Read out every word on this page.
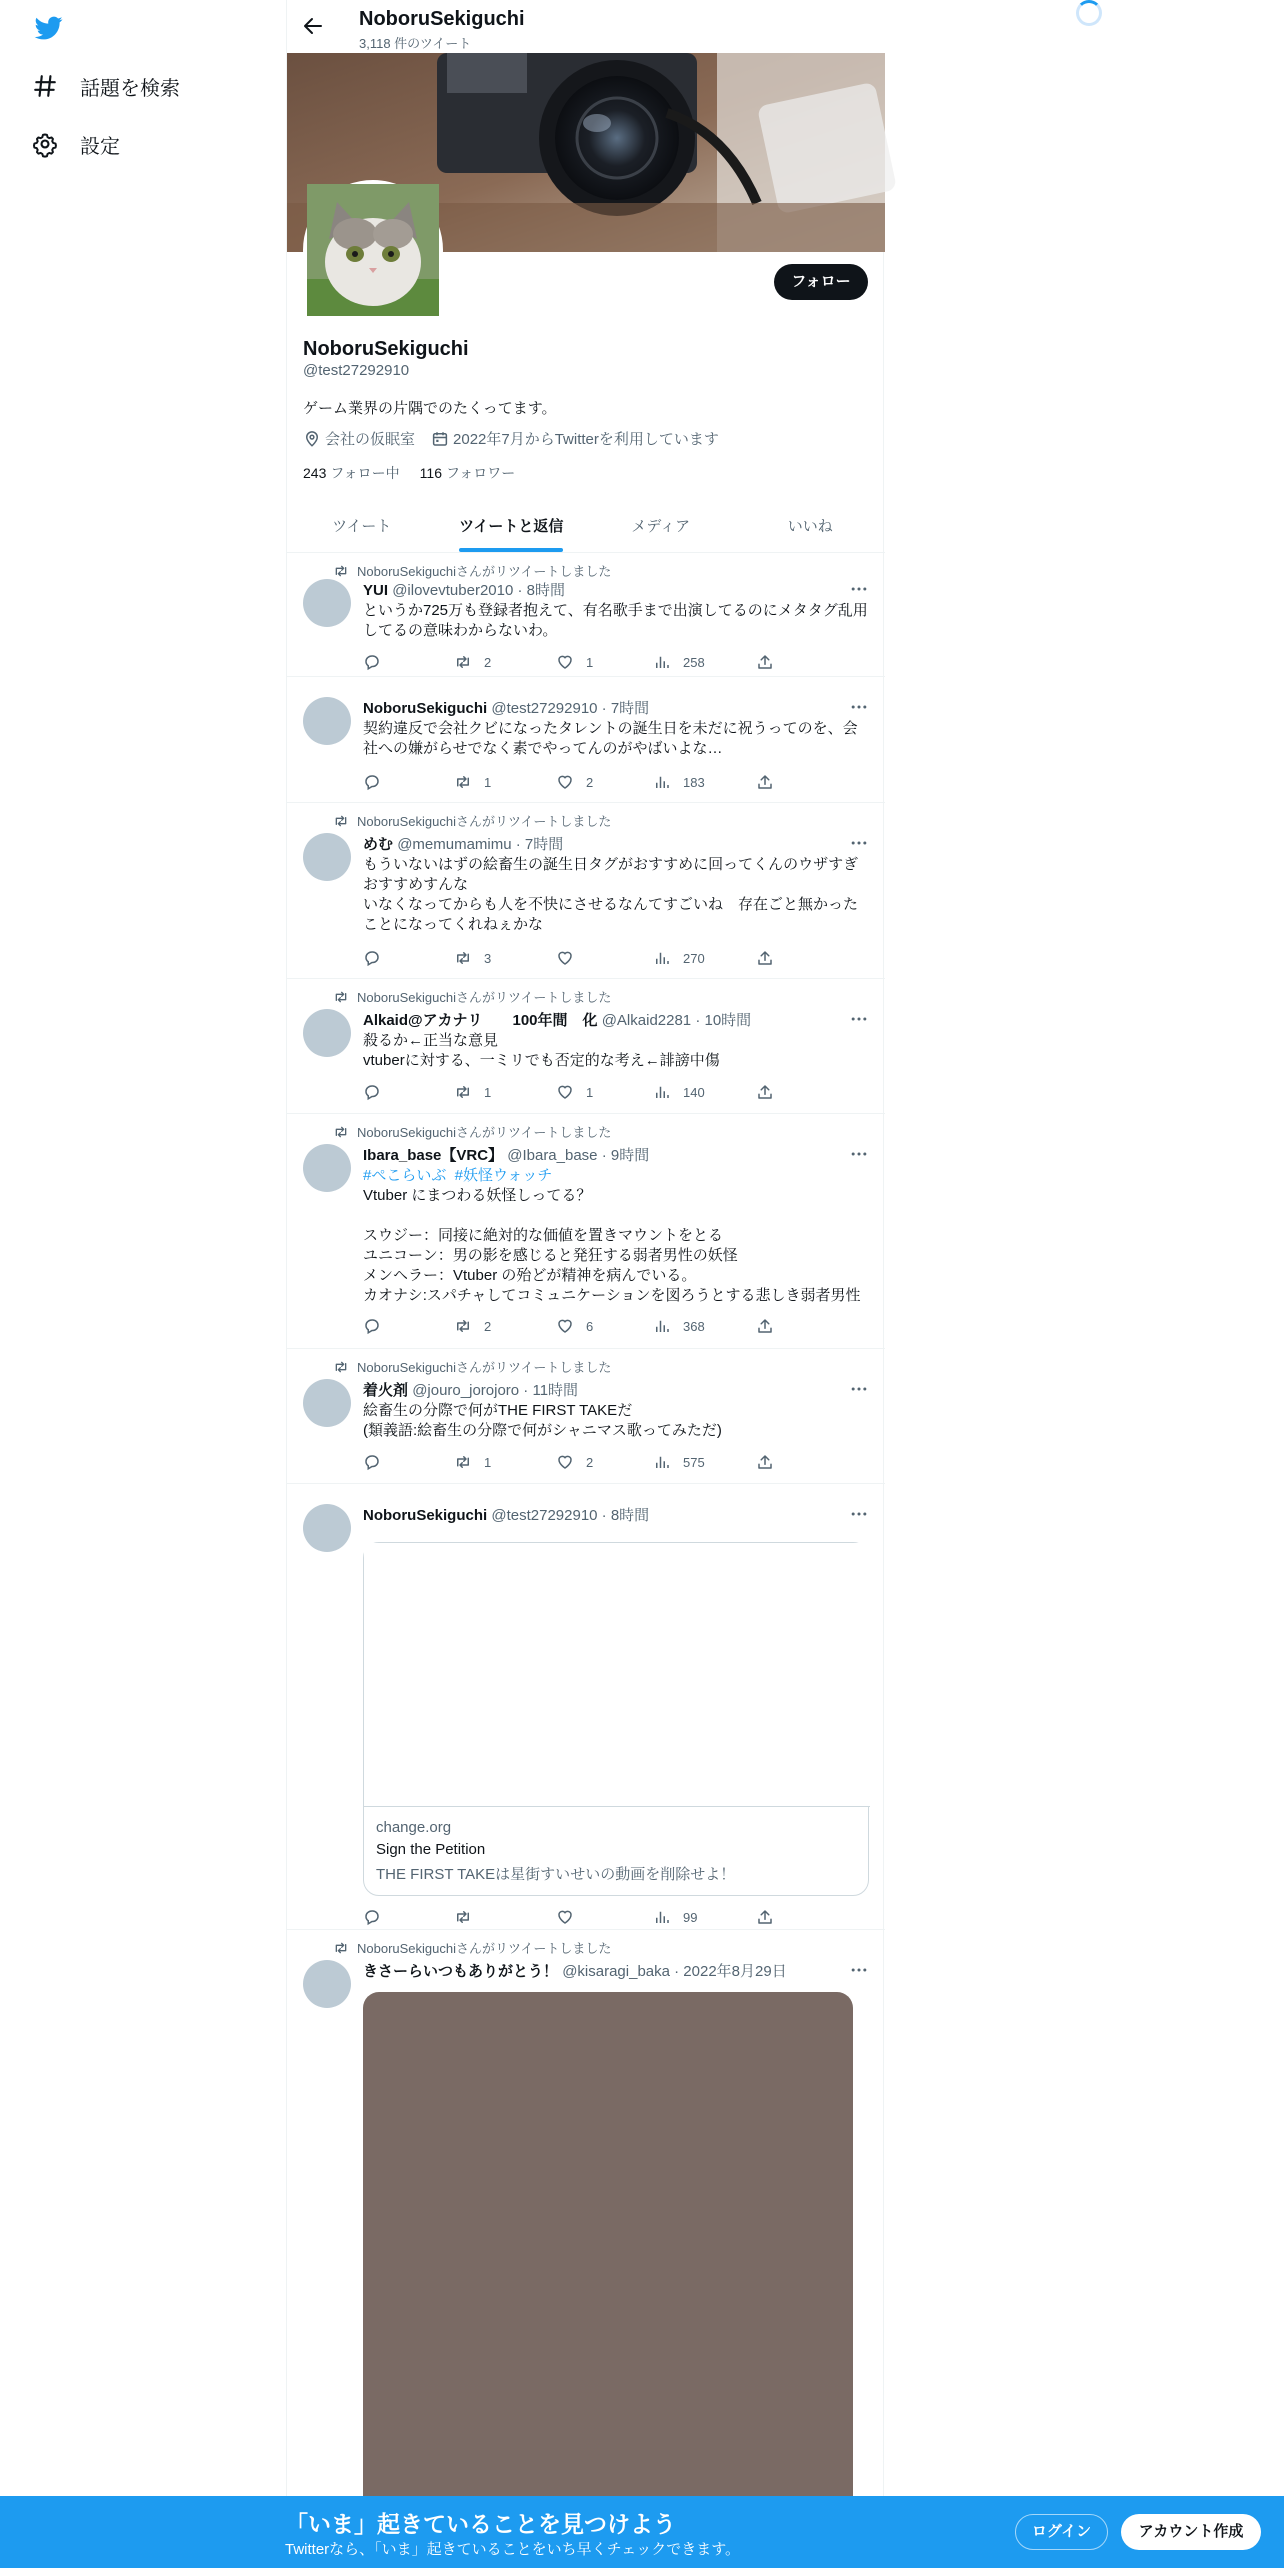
話題を検索
設定
NoboruSekiguchi
3,118 件のツイート
フォロー
NoboruSekiguchi
@test27292910
ゲーム業界の片隅でのたくってます。
会社の仮眠室	2022年7月からTwitterを利用しています
243 フォロー中 116 フォロワー
ツイート	ツイートと返信	メディア	いいね
NoboruSekiguchiさんがリツイートしました
YUI @ilovevtuber2010 · 8時間
というか725万も登録者抱えて、有名歌手まで出演してるのにメタタグ乱用してるの意味わからないわ。
2	1	258
NoboruSekiguchi @test27292910 · 7時間
契約違反で会社クビになったタレントの誕生日を未だに祝うってのを、会社への嫌がらせでなく素でやってんのがやばいよな…
1	2	183
NoboruSekiguchiさんがリツイートしました
めむ @memumamimu · 7時間
もういないはずの絵畜生の誕生日タグがおすすめに回ってくんのウザすぎ　　おすすめすんな
いなくなってからも人を不快にさせるなんてすごいね　存在ごと無かったことになってくれねぇかな
3	270
NoboruSekiguchiさんがリツイートしました
Alkaid@アカナリ　　100年間　化 @Alkaid2281 · 10時間
殺るか←正当な意見
vtuberに対する、一ミリでも否定的な考え←誹謗中傷
1	1	140
NoboruSekiguchiさんがリツイートしました
Ibara_base【VRC】 @Ibara_base · 9時間
#ぺこらいぶ  #妖怪ウォッチ
Vtuber にまつわる妖怪しってる？

スウジー：同接に絶対的な価値を置きマウントをとる
ユニコーン：男の影を感じると発狂する弱者男性の妖怪
メンヘラー：Vtuber の殆どが精神を病んでいる。
カオナシ:スパチャしてコミュニケーションを図ろうとする悲しき弱者男性
2	6	368
NoboruSekiguchiさんがリツイートしました
着火剤 @jouro_jorojoro · 11時間
絵畜生の分際で何がTHE FIRST TAKEだ
(類義語:絵畜生の分際で何がシャニマス歌ってみただ)
1	2	575
NoboruSekiguchi @test27292910 · 8時間
change.org
Sign the Petition
THE FIRST TAKEは星街すいせいの動画を削除せよ！
99
NoboruSekiguchiさんがリツイートしました
きさーらいつもありがとう！ @kisaragi_baka · 2022年8月29日
「いま」起きていることを見つけよう
Twitterなら、「いま」起きていることをいち早くチェックできます。
ログイン	アカウント作成
